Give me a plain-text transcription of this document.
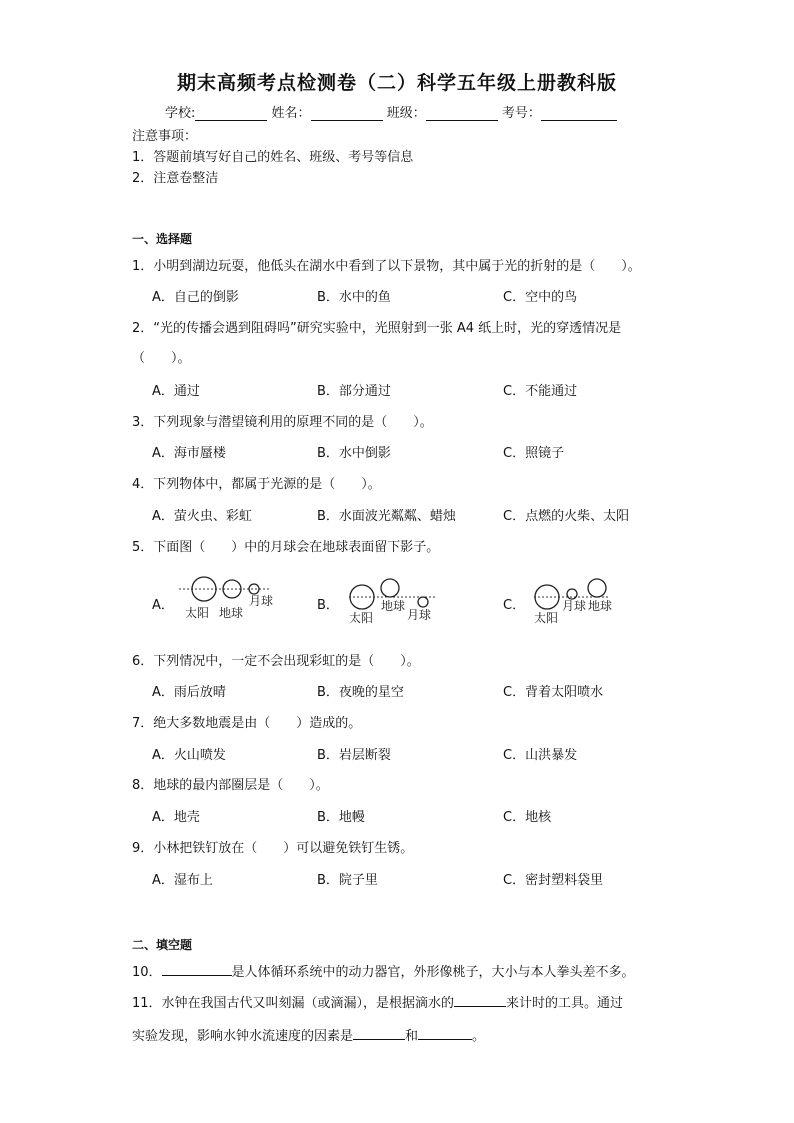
期末高频考点检测卷（二）科学五年级上册教科版
学校:	姓名：	班级：	考号：
注意事项：
1．答题前填写好自己的姓名、班级、考号等信息
2．注意卷整洁
一、选择题
1．小明到湖边玩耍，他低头在湖水中看到了以下景物，其中属于光的折射的是（　　）。
A．自己的倒影	B．水中的鱼	C．空中的鸟
2．“光的传播会遇到阻碍吗”研究实验中，光照射到一张 A4 纸上时，光的穿透情况是
（　　）。
A．通过	B．部分通过	C．不能通过
3．下列现象与潜望镜利用的原理不同的是（　　）。
A．海市蜃楼	B．水中倒影	C．照镜子
4．下列物体中，都属于光源的是（　　）。
A．萤火虫、彩虹	B．水面波光粼粼、蜡烛	C．点燃的火柴、太阳
5．下面图（　　）中的月球会在地球表面留下影子。
A．	B．	C．
太阳 地球
月球
太阳
地球
月球	太阳
月球 地球
6．下列情况中，一定不会出现彩虹的是（　　）。
A．雨后放晴	B．夜晚的星空	C．背着太阳喷水
7．绝大多数地震是由（　　）造成的。
A．火山喷发	B．岩层断裂	C．山洪暴发
8．地球的最内部圈层是（　　）。
A．地壳	B．地幔	C．地核
9．小林把铁钉放在（　　）可以避免铁钉生锈。
A．湿布上	B．院子里	C．密封塑料袋里
二、填空题
10．	是人体循环系统中的动力器官，外形像桃子，大小与本人拳头差不多。
11．水钟在我国古代又叫刻漏（或滴漏），是根据滴水的	来计时的工具。通过
实验发现，影响水钟水流速度的因素是	和	。
